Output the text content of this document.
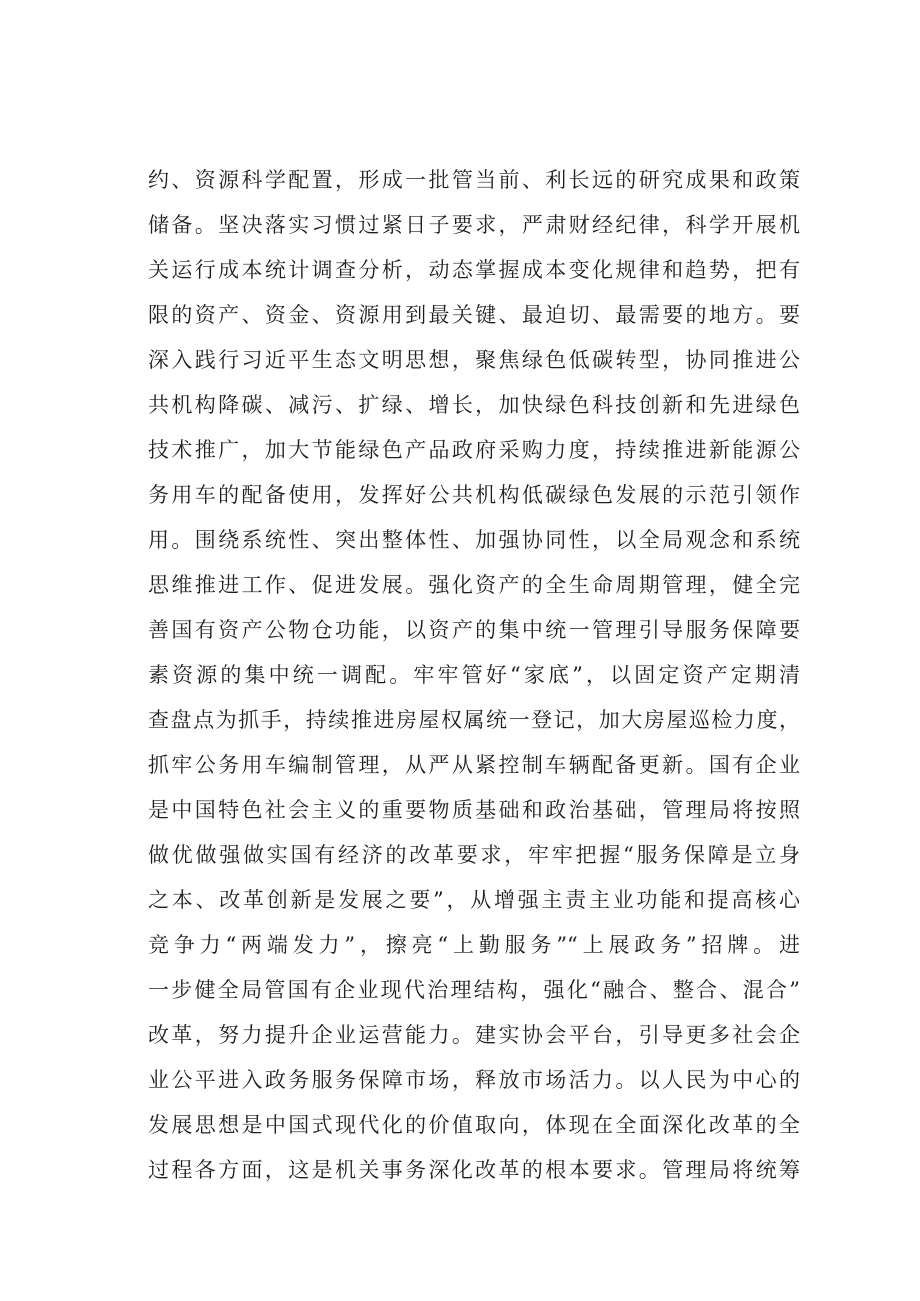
约、资源科学配置，形成一批管当前、利长远的研究成果和政策
储备。坚决落实习惯过紧日子要求，严肃财经纪律，科学开展机
关运行成本统计调查分析，动态掌握成本变化规律和趋势，把有
限的资产、资金、资源用到最关键、最迫切、最需要的地方。要
深入践行习近平生态文明思想，聚焦绿色低碳转型，协同推进公
共机构降碳、减污、扩绿、增长，加快绿色科技创新和先进绿色
技术推广，加大节能绿色产品政府采购力度，持续推进新能源公
务用车的配备使用，发挥好公共机构低碳绿色发展的示范引领作
用。围绕系统性、突出整体性、加强协同性，以全局观念和系统
思维推进工作、促进发展。强化资产的全生命周期管理，健全完
善国有资产公物仓功能，以资产的集中统一管理引导服务保障要
素资源的集中统一调配。牢牢管好“家底”，以固定资产定期清
查盘点为抓手，持续推进房屋权属统一登记，加大房屋巡检力度，
抓牢公务用车编制管理，从严从紧控制车辆配备更新。国有企业
是中国特色社会主义的重要物质基础和政治基础，管理局将按照
做优做强做实国有经济的改革要求，牢牢把握“服务保障是立身
之本、改革创新是发展之要”，从增强主责主业功能和提高核心
竞争力“两端发力”，擦亮“上勤服务”“上展政务”招牌。进
一步健全局管国有企业现代治理结构，强化“融合、整合、混合”
改革，努力提升企业运营能力。建实协会平台，引导更多社会企
业公平进入政务服务保障市场，释放市场活力。以人民为中心的
发展思想是中国式现代化的价值取向，体现在全面深化改革的全
过程各方面，这是机关事务深化改革的根本要求。管理局将统筹
